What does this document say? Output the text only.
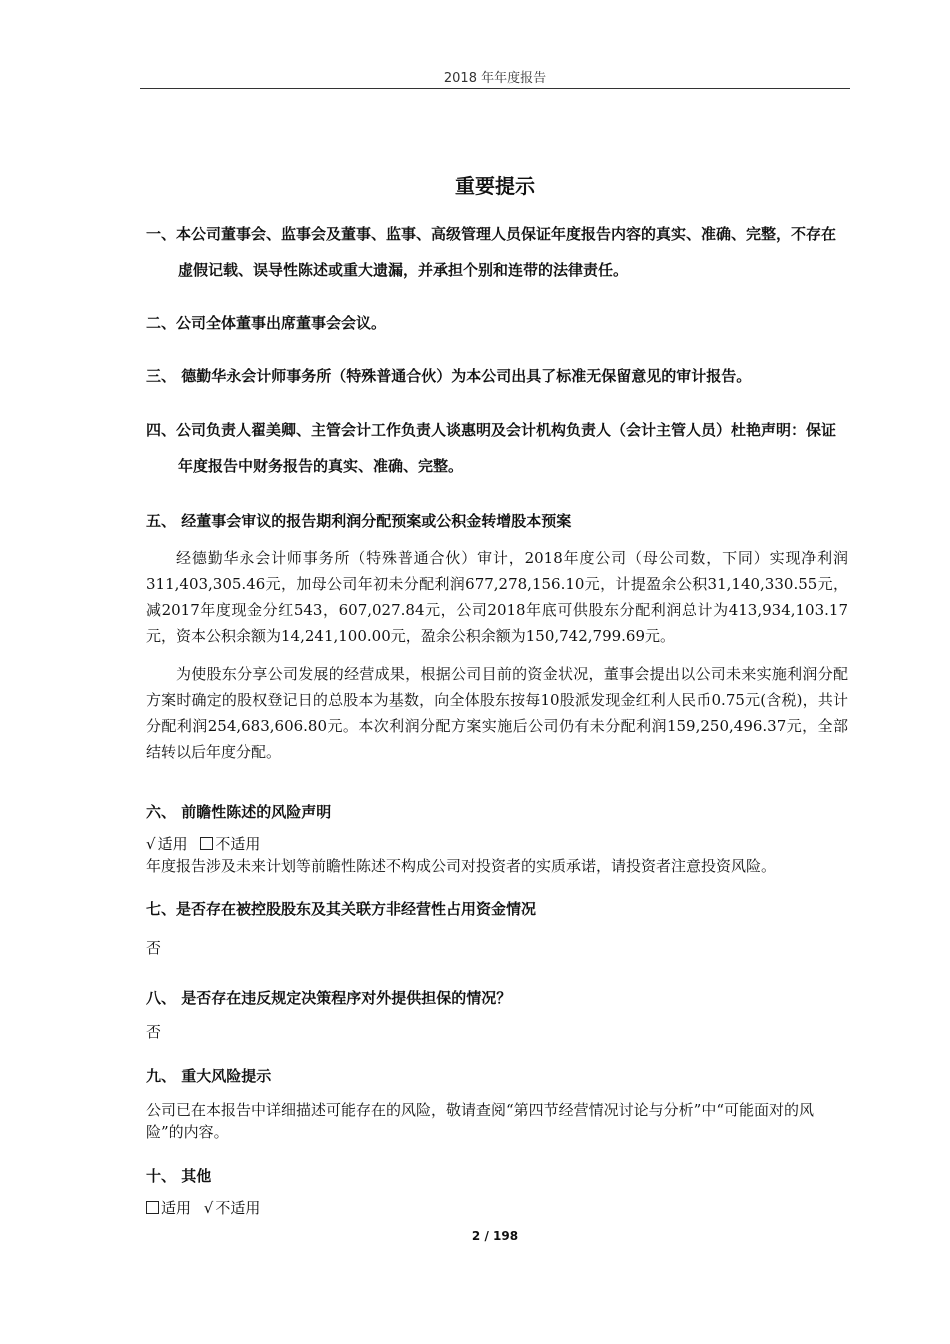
2018 年年度报告
重要提示
一、本公司董事会、监事会及董事、监事、高级管理人员保证年度报告内容的真实、准确、完整，不存在虚假记载、误导性陈述或重大遗漏，并承担个别和连带的法律责任。
二、公司全体董事出席董事会会议。
三、 德勤华永会计师事务所（特殊普通合伙）为本公司出具了标准无保留意见的审计报告。
四、公司负责人翟美卿、主管会计工作负责人谈惠明及会计机构负责人（会计主管人员）杜艳声明：保证年度报告中财务报告的真实、准确、完整。
五、 经董事会审议的报告期利润分配预案或公积金转增股本预案
经德勤华永会计师事务所（特殊普通合伙）审计，2018年度公司（母公司数，下同）实现净利润311,403,305.46元，加母公司年初未分配利润677,278,156.10元，计提盈余公积31,140,330.55元，减2017年度现金分红543，607,027.84元，公司2018年底可供股东分配利润总计为413,934,103.17元，资本公积余额为14,241,100.00元，盈余公积余额为150,742,799.69元。
为使股东分享公司发展的经营成果，根据公司目前的资金状况，董事会提出以公司未来实施利润分配方案时确定的股权登记日的总股本为基数，向全体股东按每10股派发现金红利人民币0.75元(含税)，共计分配利润254,683,606.80元。本次利润分配方案实施后公司仍有未分配利润159,250,496.37元，全部结转以后年度分配。
六、 前瞻性陈述的风险声明
√ 适用 不适用
年度报告涉及未来计划等前瞻性陈述不构成公司对投资者的实质承诺，请投资者注意投资风险。
七、是否存在被控股股东及其关联方非经营性占用资金情况
否
八、 是否存在违反规定决策程序对外提供担保的情况？
否
九、 重大风险提示
公司已在本报告中详细描述可能存在的风险，敬请查阅“第四节经营情况讨论与分析”中“可能面对的风险”的内容。
十、 其他
适用 √ 不适用
2 / 198
